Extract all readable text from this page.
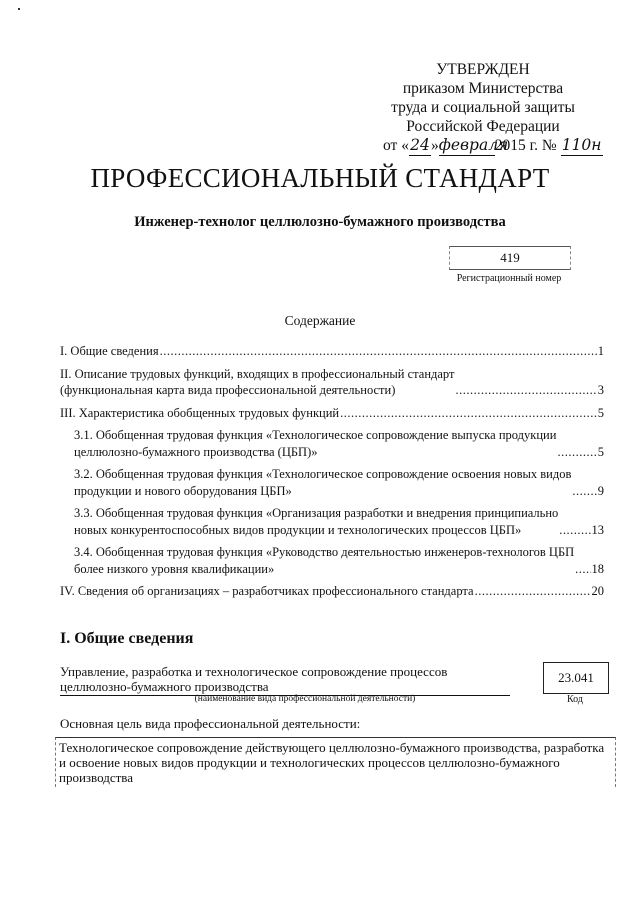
УТВЕРЖДЕН
приказом Министерства
труда и социальной защиты
Российской Федерации
от «24»февраля2015 г. № 110н
ПРОФЕССИОНАЛЬНЫЙ СТАНДАРТ
Инженер-технолог целлюлозно-бумажного производства
419
Регистрационный номер
Содержание
I. Общие сведения .....	1
II. Описание трудовых функций, входящих в профессиональный стандарт
(функциональная карта вида профессиональной деятельности) .....	3
III. Характеристика обобщенных трудовых функций .....	5
3.1. Обобщенная трудовая функция «Технологическое сопровождение выпуска продукции
целлюлозно-бумажного производства (ЦБП)» .....	5
3.2. Обобщенная трудовая функция «Технологическое сопровождение освоения новых видов
продукции и нового оборудования ЦБП» .....	9
3.3. Обобщенная трудовая функция «Организация разработки и внедрения принципиально
новых конкурентоспособных видов продукции и технологических процессов ЦБП» .....	13
3.4. Обобщенная трудовая функция «Руководство деятельностью инженеров-технологов ЦБП
более низкого уровня квалификации» .....	18
IV. Сведения об организациях – разработчиках профессионального стандарта .....	20
I. Общие сведения
Управление, разработка и технологическое сопровождение процессов
целлюлозно-бумажного производства
(наименование вида профессиональной деятельности)
23.041
Код
Основная цель вида профессиональной деятельности:
Технологическое сопровождение действующего целлюлозно-бумажного производства, разработка и освоение новых видов продукции и технологических процессов целлюлозно-бумажного производства
